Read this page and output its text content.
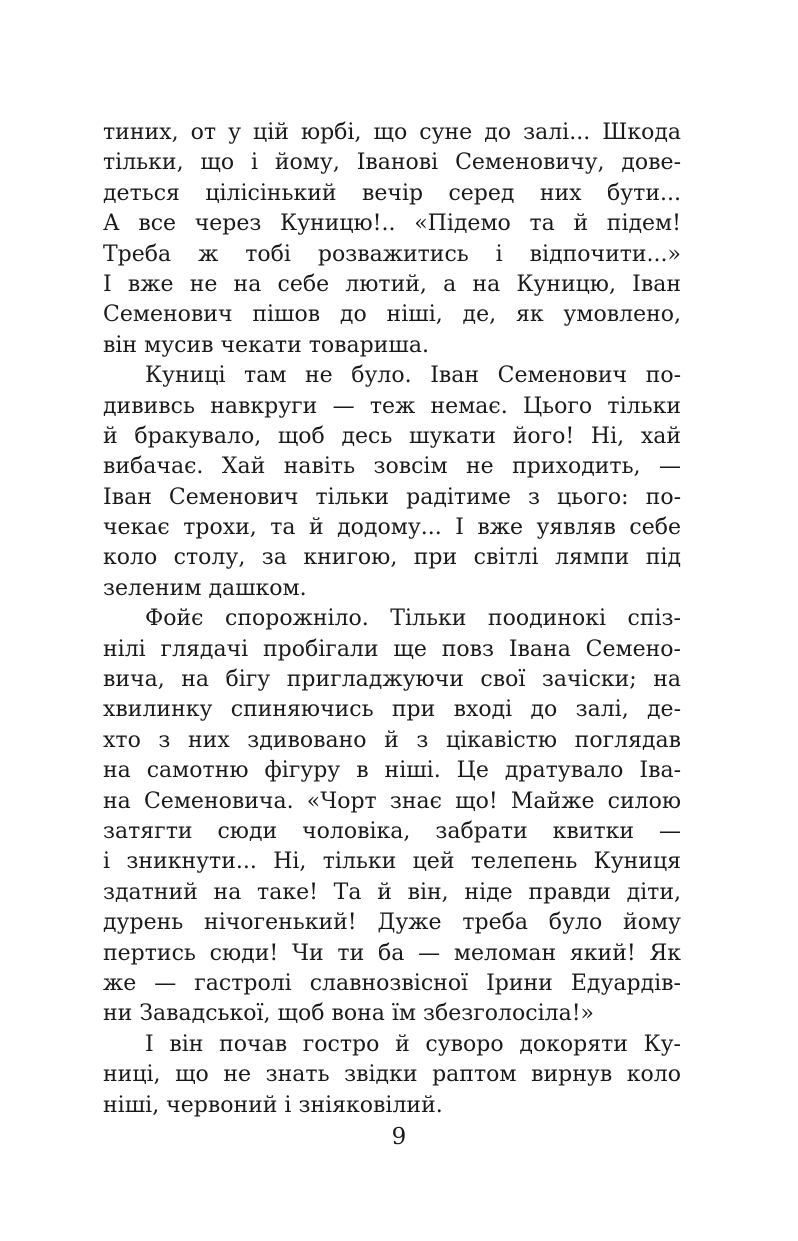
тиних, от у цій юрбі, що суне до залі... Шкода
тільки, що і йому, Іванові Семеновичу, дове-
деться цілісінький вечір серед них бути...
А все через Куницю!.. «Підемо та й підем!
Треба ж тобі розважитись і відпочити...»
І вже не на себе лютий, а на Куницю, Іван
Семенович пішов до ніші, де, як умовлено,
він мусив чекати товариша.
Куниці там не було. Іван Семенович по-
дививсь навкруги — теж немає. Цього тільки
й бракувало, щоб десь шукати його! Ні, хай
вибачає. Хай навіть зовсім не приходить, —
Іван Семенович тільки радітиме з цього: по-
чекає трохи, та й додому... І вже уявляв себе
коло столу, за книгою, при світлі лямпи під
зеленим дашком.
Фойє спорожніло. Тільки поодинокі спіз-
нілі глядачі пробігали ще повз Івана Семено-
вича, на бігу пригладжуючи свої зачіски; на
хвилинку спиняючись при вході до залі, де-
хто з них здивовано й з цікавістю поглядав
на самотню фігуру в ніші. Це дратувало Іва-
на Семеновича. «Чорт знає що! Майже силою
затягти сюди чоловіка, забрати квитки —
і зникнути... Ні, тільки цей телепень Куниця
здатний на таке! Та й він, ніде правди діти,
дурень нічогенький! Дуже треба було йому
пертись сюди! Чи ти ба — меломан який! Як
же — гастролі славнозвісної Ірини Едуардів-
ни Завадської, щоб вона їм збезголосіла!»
І він почав гостро й суворо докоряти Ку-
ниці, що не знать звідки раптом вирнув коло
ніші, червоний і зніяковілий.
9
